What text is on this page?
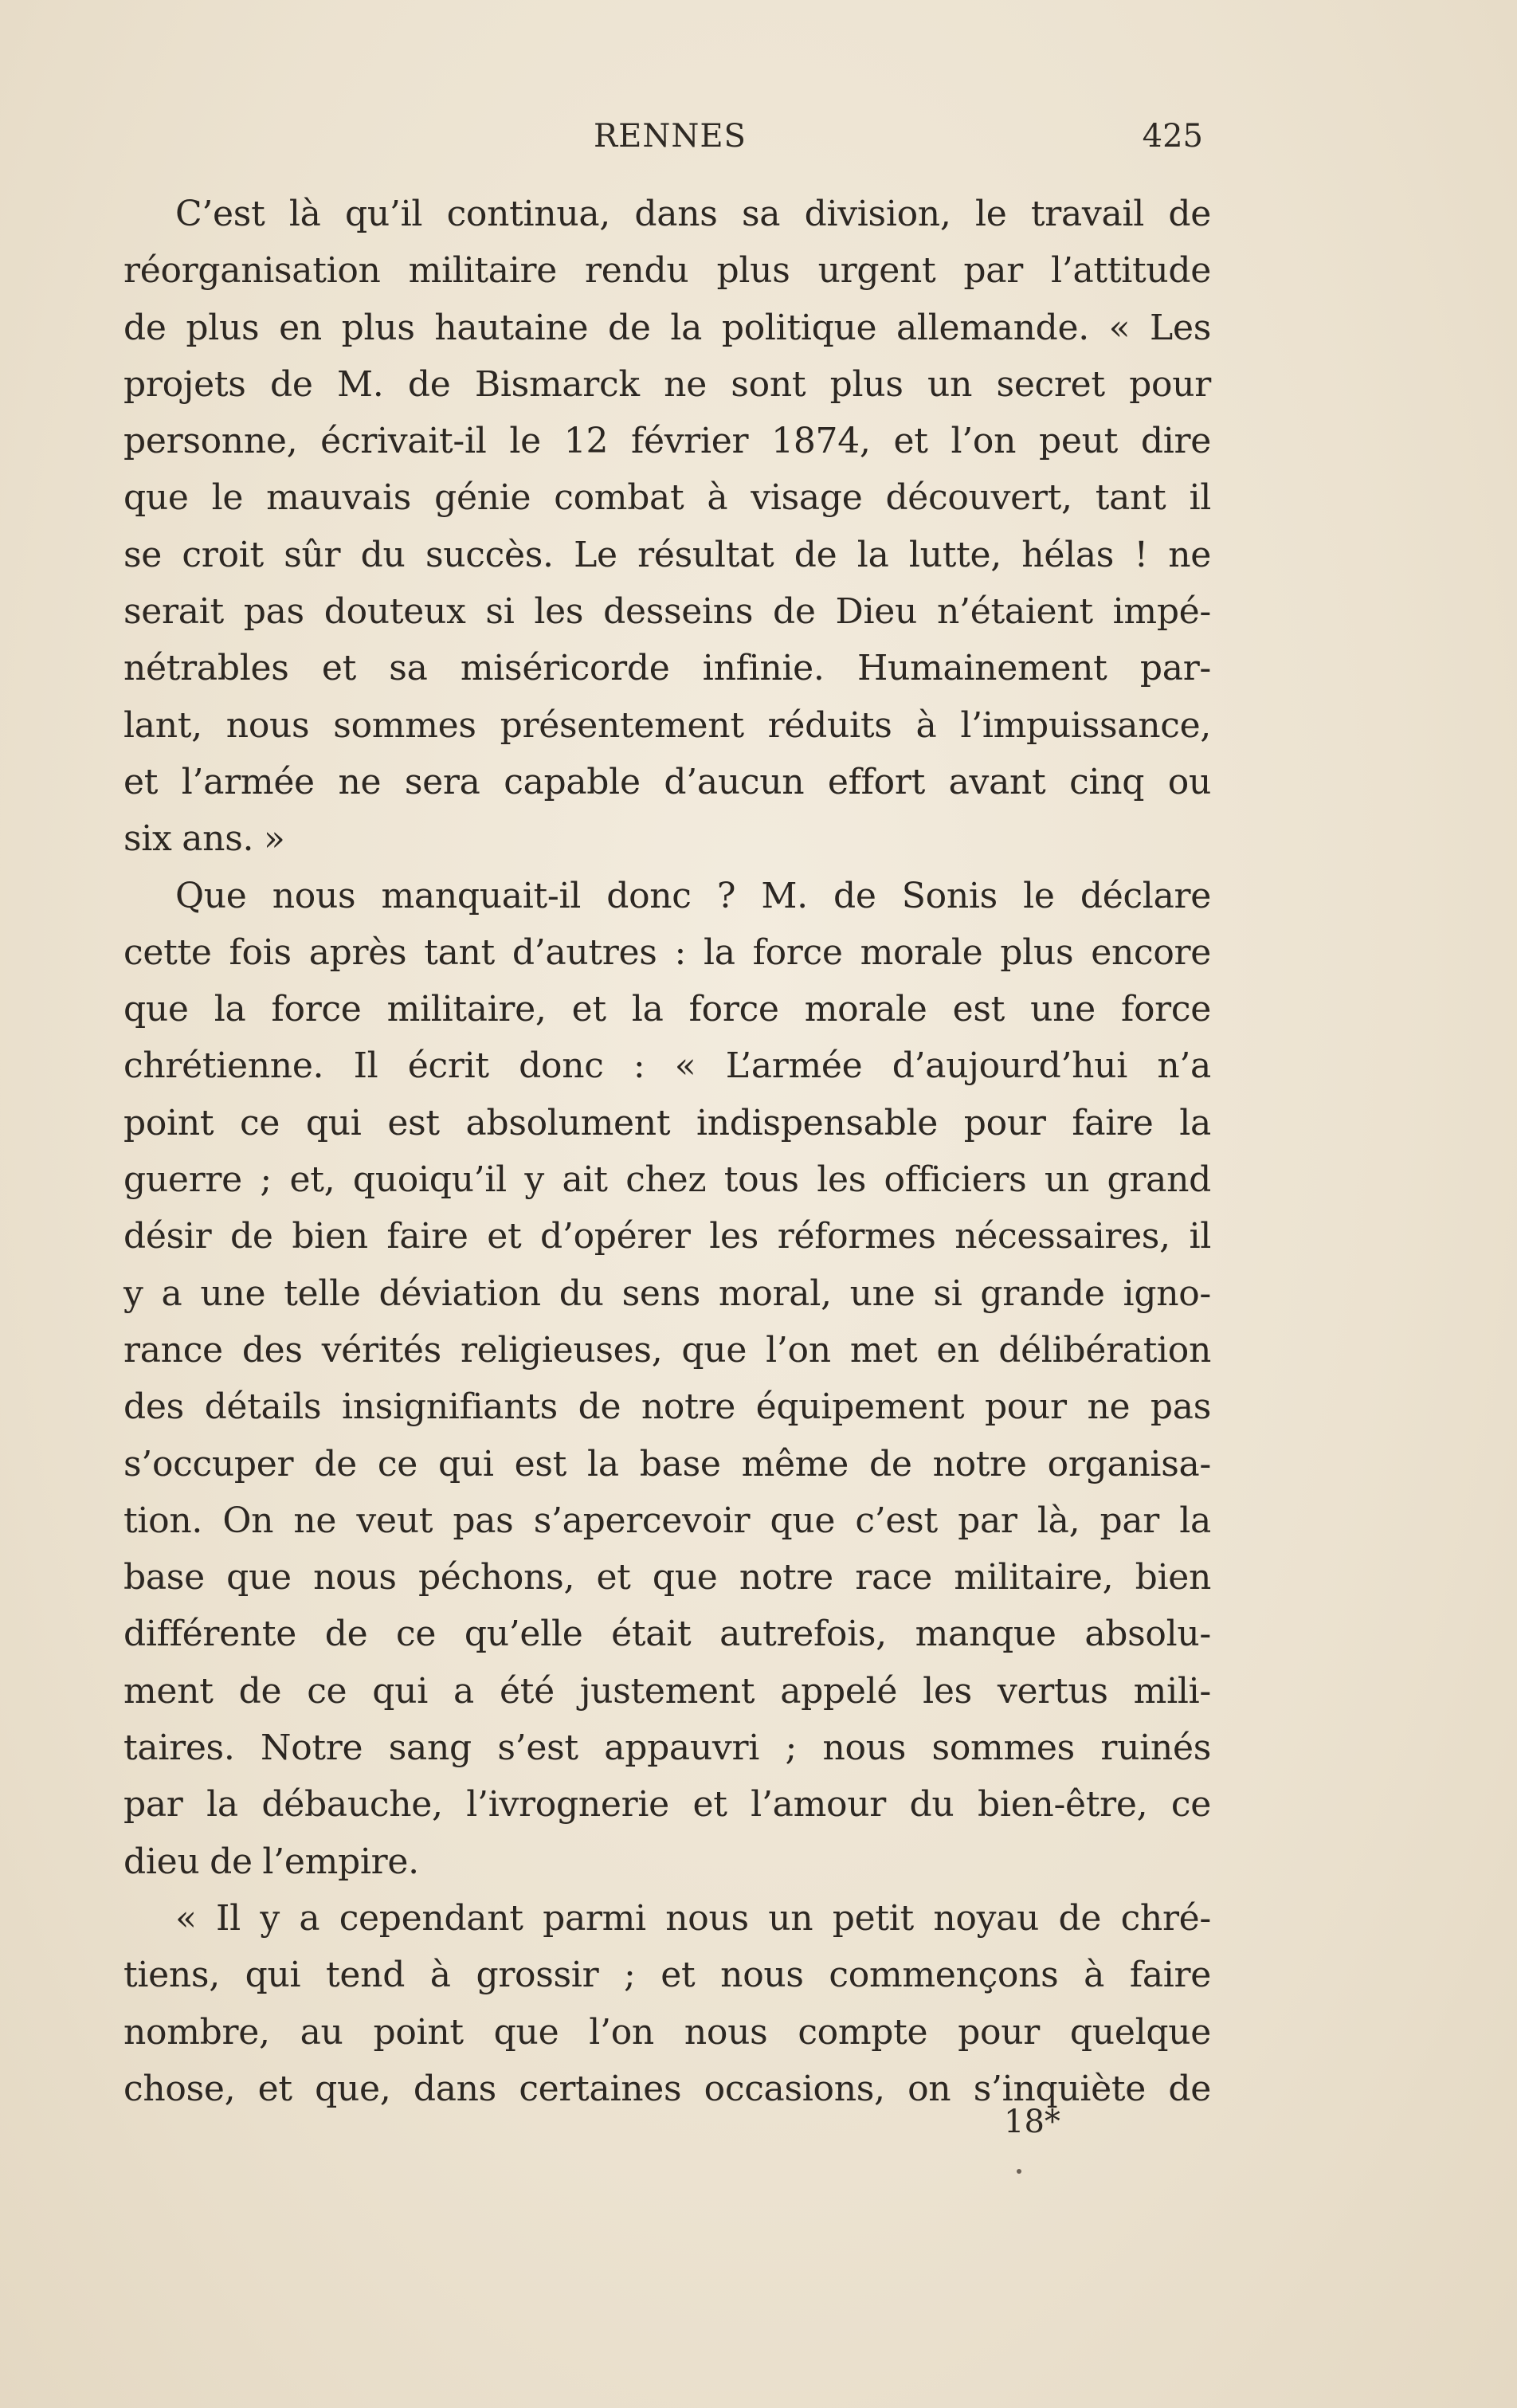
RENNES	425
C’est là qu’il continua, dans sa division, le travail de
réorganisation militaire rendu plus urgent par l’attitude
de plus en plus hautaine de la politique allemande. « Les
projets de M. de Bismarck ne sont plus un secret pour
personne, écrivait-il le 12 février 1874, et l’on peut dire
que le mauvais génie combat à visage découvert, tant il
se croit sûr du succès. Le résultat de la lutte, hélas ! ne
serait pas douteux si les desseins de Dieu n’étaient impé-
nétrables et sa miséricorde infinie. Humainement par-
lant, nous sommes présentement réduits à l’impuissance,
et l’armée ne sera capable d’aucun effort avant cinq ou
six ans. »
Que nous manquait-il donc ? M. de Sonis le déclare
cette fois après tant d’autres : la force morale plus encore
que la force militaire, et la force morale est une force
chrétienne. Il écrit donc : « L’armée d’aujourd’hui n’a
point ce qui est absolument indispensable pour faire la
guerre ; et, quoiqu’il y ait chez tous les officiers un grand
désir de bien faire et d’opérer les réformes nécessaires, il
y a une telle déviation du sens moral, une si grande igno-
rance des vérités religieuses, que l’on met en délibération
des détails insignifiants de notre équipement pour ne pas
s’occuper de ce qui est la base même de notre organisa-
tion. On ne veut pas s’apercevoir que c’est par là, par la
base que nous péchons, et que notre race militaire, bien
différente de ce qu’elle était autrefois, manque absolu-
ment de ce qui a été justement appelé les vertus mili-
taires. Notre sang s’est appauvri ; nous sommes ruinés
par la débauche, l’ivrognerie et l’amour du bien-être, ce
dieu de l’empire.
« Il y a cependant parmi nous un petit noyau de chré-
tiens, qui tend à grossir ; et nous commençons à faire
nombre, au point que l’on nous compte pour quelque
chose, et que, dans certaines occasions, on s’inquiète de
18*
